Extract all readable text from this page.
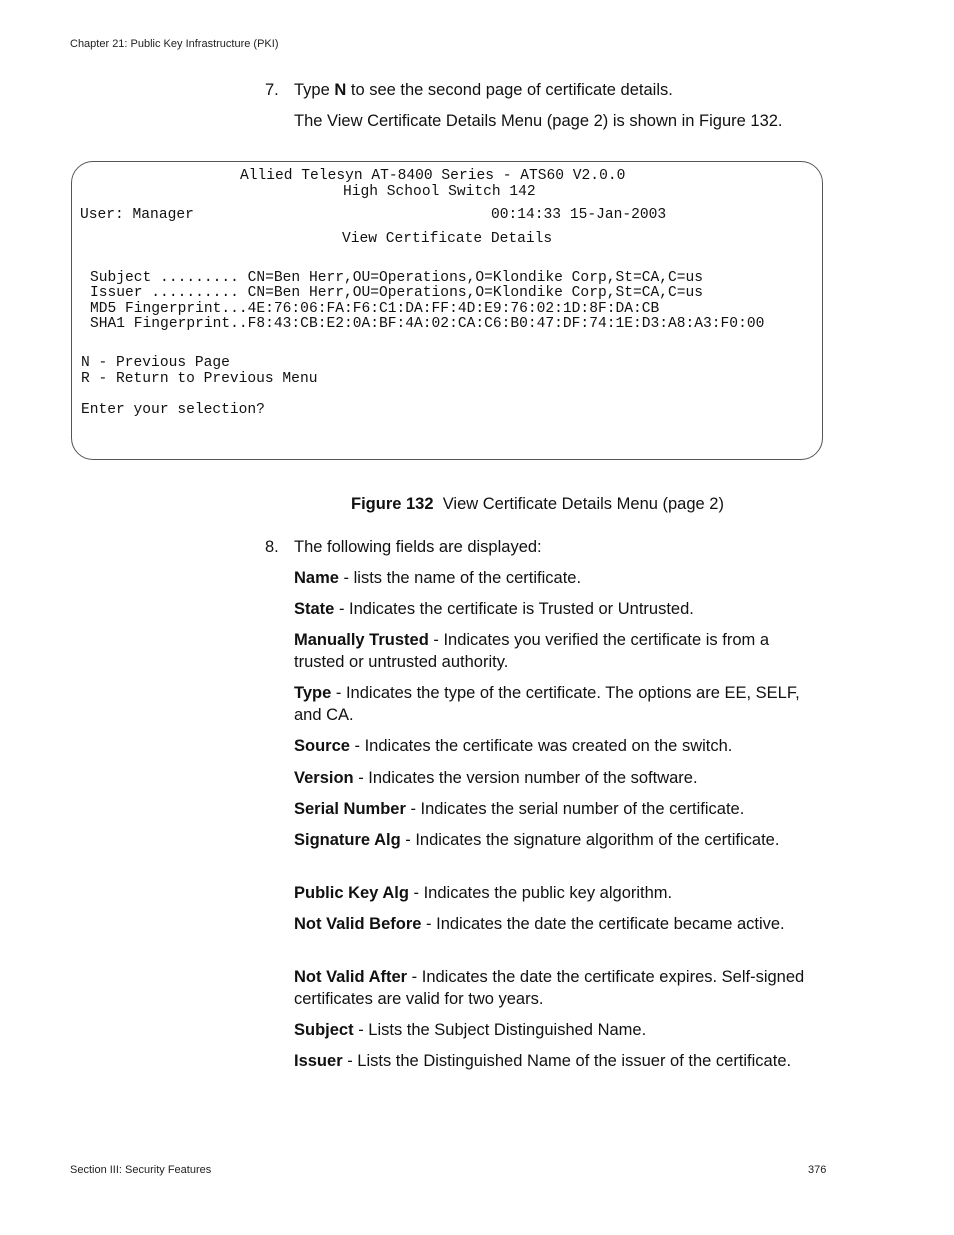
Chapter 21: Public Key Infrastructure (PKI)
7. Type N to see the second page of certificate details.
The View Certificate Details Menu (page 2) is shown in Figure 132.
Allied Telesyn AT-8400 Series - ATS60 V2.0.0
High School Switch 142
User: Manager	00:14:33 15-Jan-2003
View Certificate Details
Subject ......... CN=Ben Herr,OU=Operations,O=Klondike Corp,St=CA,C=us
Issuer .......... CN=Ben Herr,OU=Operations,O=Klondike Corp,St=CA,C=us
MD5 Fingerprint...4E:76:06:FA:F6:C1:DA:FF:4D:E9:76:02:1D:8F:DA:CB
SHA1 Fingerprint..F8:43:CB:E2:0A:BF:4A:02:CA:C6:B0:47:DF:74:1E:D3:A8:A3:F0:00
N - Previous Page
R - Return to Previous Menu
Enter your selection?
Figure 132 View Certificate Details Menu (page 2)
8. The following fields are displayed:
Name - lists the name of the certificate.
State - Indicates the certificate is Trusted or Untrusted.
Manually Trusted - Indicates you verified the certificate is from a trusted or untrusted authority.
Type - Indicates the type of the certificate. The options are EE, SELF, and CA.
Source - Indicates the certificate was created on the switch.
Version - Indicates the version number of the software.
Serial Number - Indicates the serial number of the certificate.
Signature Alg - Indicates the signature algorithm of the certificate.
Public Key Alg - Indicates the public key algorithm.
Not Valid Before - Indicates the date the certificate became active.
Not Valid After - Indicates the date the certificate expires. Self-signed certificates are valid for two years.
Subject - Lists the Subject Distinguished Name.
Issuer - Lists the Distinguished Name of the issuer of the certificate.
Section III: Security Features	376
